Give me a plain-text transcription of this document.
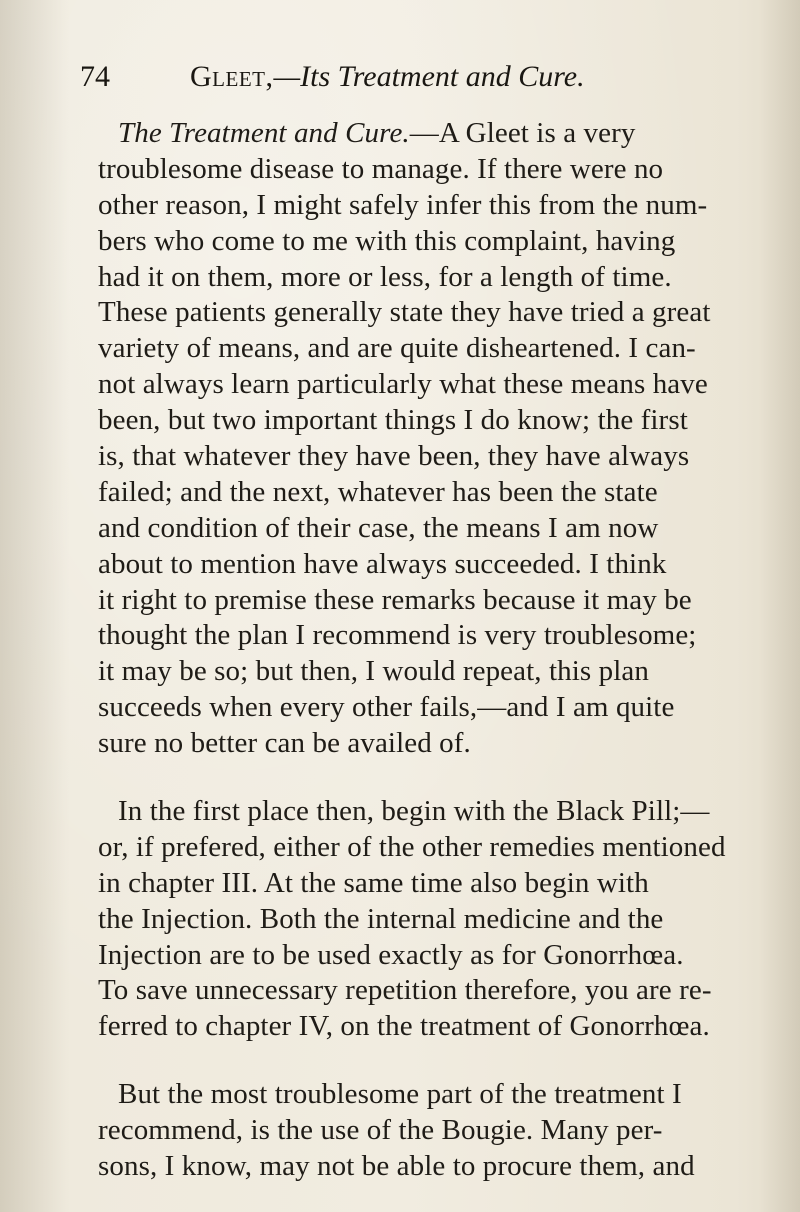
74	Gleet,—Its Treatment and Cure.
The Treatment and Cure.—A Gleet is a very
troublesome disease to manage. If there were no
other reason, I might safely infer this from the num-
bers who come to me with this complaint, having
had it on them, more or less, for a length of time.
These patients generally state they have tried a great
variety of means, and are quite disheartened. I can-
not always learn particularly what these means have
been, but two important things I do know; the first
is, that whatever they have been, they have always
failed; and the next, whatever has been the state
and condition of their case, the means I am now
about to mention have always succeeded. I think
it right to premise these remarks because it may be
thought the plan I recommend is very troublesome;
it may be so; but then, I would repeat, this plan
succeeds when every other fails,—and I am quite
sure no better can be availed of.
In the first place then, begin with the Black Pill;—
or, if prefered, either of the other remedies mentioned
in chapter III. At the same time also begin with
the Injection. Both the internal medicine and the
Injection are to be used exactly as for Gonorrhœa.
To save unnecessary repetition therefore, you are re-
ferred to chapter IV, on the treatment of Gonorrhœa.
But the most troublesome part of the treatment I
recommend, is the use of the Bougie. Many per-
sons, I know, may not be able to procure them, and
